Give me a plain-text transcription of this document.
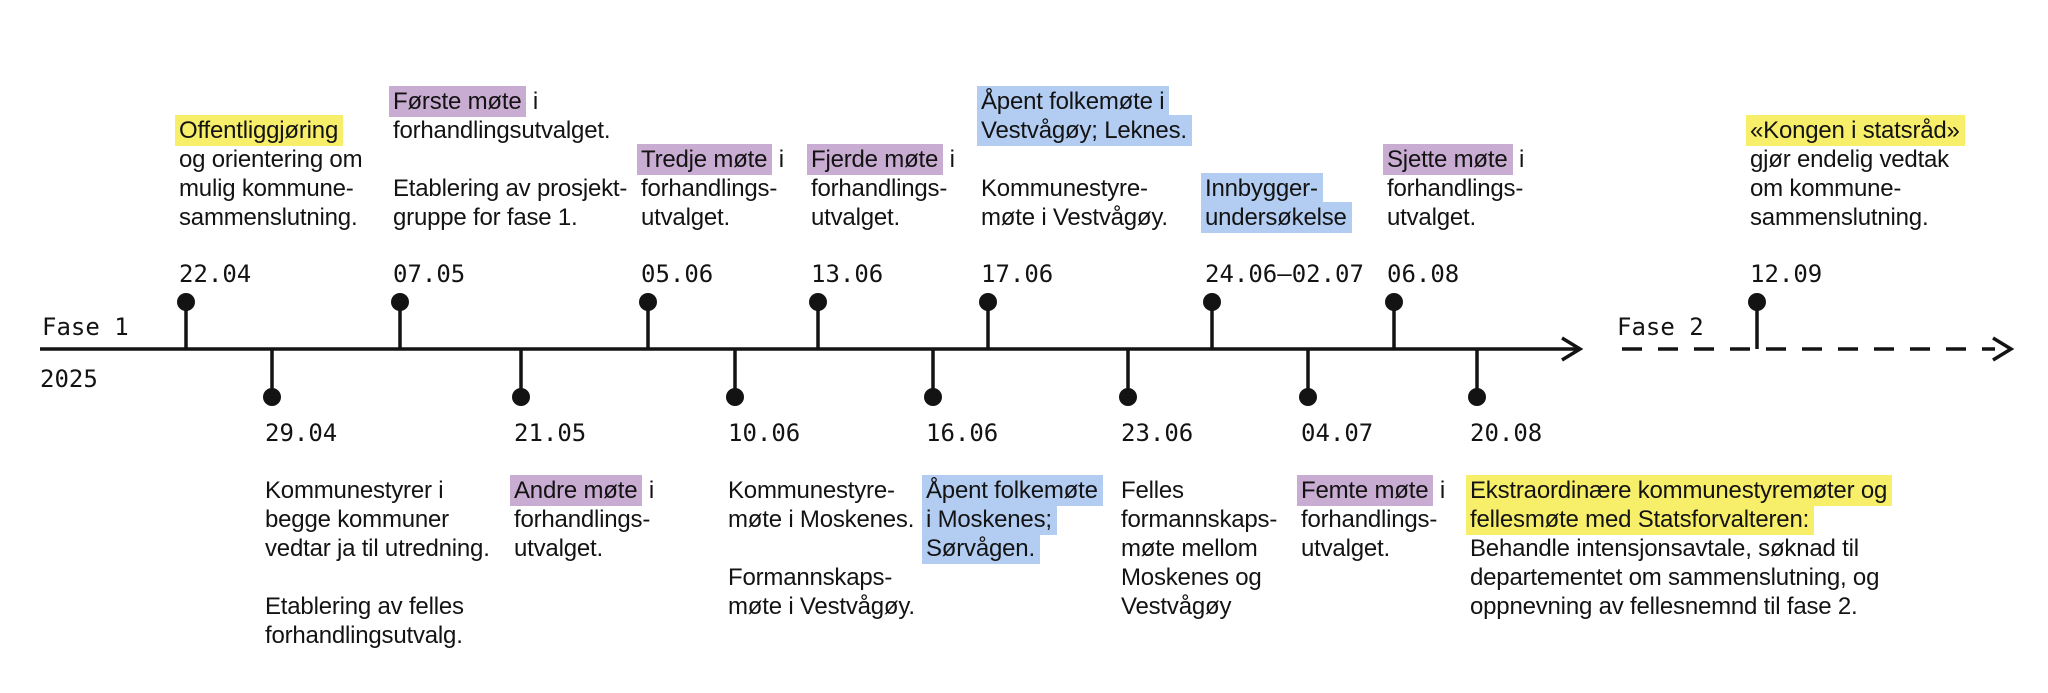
Fase 1
2025
Fase 2
Offentliggjøring
og orientering om
mulig kommune-
sammenslutning.
22.04
Første møte i
forhandlingsutvalget.
Etablering av prosjekt-
gruppe for fase 1.
07.05
Tredje møte i
forhandlings-
utvalget.
05.06
Fjerde møte i
forhandlings-
utvalget.
13.06
Åpent folkemøte i
Vestvågøy; Leknes.
Kommunestyre-
møte i Vestvågøy.
17.06
Innbygger-
undersøkelse
24.06–02.07
Sjette møte i
forhandlings-
utvalget.
06.08
«Kongen i statsråd»
gjør endelig vedtak
om kommune-
sammenslutning.
12.09
29.04
Kommunestyrer i
begge kommuner
vedtar ja til utredning.
Etablering av felles
forhandlingsutvalg.
21.05
Andre møte i
forhandlings-
utvalget.
10.06
Kommunestyre-
møte i Moskenes.
Formannskaps-
møte i Vestvågøy.
16.06
Åpent folkemøte
i Moskenes;
Sørvågen.
23.06
Felles
formannskaps-
møte mellom
Moskenes og
Vestvågøy
04.07
Femte møte i
forhandlings-
utvalget.
20.08
Ekstraordinære kommunestyremøter og
fellesmøte med Statsforvalteren:
Behandle intensjonsavtale, søknad til
departementet om sammenslutning, og
oppnevning av fellesnemnd til fase 2.
